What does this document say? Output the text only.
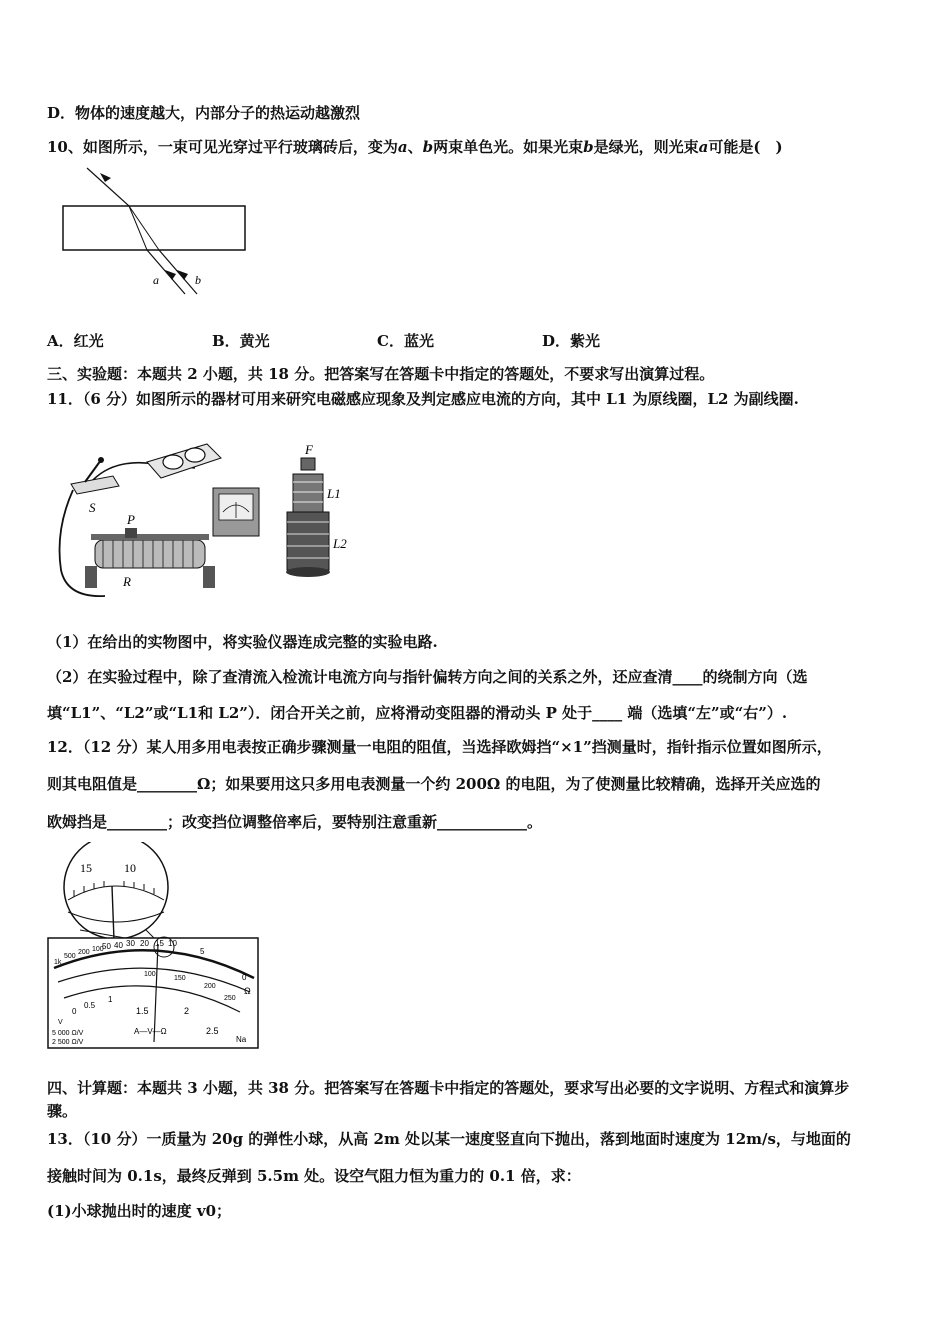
D．物体的速度越大，内部分子的热运动越激烈
10、如图所示，一束可见光穿过平行玻璃砖后，变为a、b两束单色光。如果光束b是绿光，则光束a可能是(　)
a	b
A．红光	B．黄光	C．蓝光	D．紫光
三、实验题：本题共 2 小题，共 18 分。把答案写在答题卡中指定的答题处，不要求写出演算过程。
11．（6 分）如图所示的器材可用来研究电磁感应现象及判定感应电流的方向，其中 L1 为原线圈，L2 为副线圈.
S
P
R
F
L1
L2
（1）在给出的实物图中，将实验仪器连成完整的实验电路.
（2）在实验过程中，除了查清流入检流计电流方向与指针偏转方向之间的关系之外，还应查清____的绕制方向（选
填“L1”、“L2”或“L1和 L2”）．闭合开关之前，应将滑动变阻器的滑动头 P 处于____ 端（选填“左”或“右”）.
12．（12 分）某人用多用电表按正确步骤测量一电阻的阻值，当选择欧姆挡“×1”挡测量时，指针指示位置如图所示，
则其电阻值是________Ω；如果要用这只多用电表测量一个约 200Ω 的电阻，为了使测量比较精确，选择开关应选的
欧姆挡是________；改变挡位调整倍率后，要特别注意重新____________。
15	10
1k
500
200 100
50 40 30 20 15 10
5
0
Ω
100
150
200
250
0
0.5
1
1.5	2
2.5
V
A—V—Ω
Na
5 000 Ω/V
2 500 Ω/V
四、计算题：本题共 3 小题，共 38 分。把答案写在答题卡中指定的答题处，要求写出必要的文字说明、方程式和演算步
骤。
13．（10 分）一质量为 20g 的弹性小球，从高 2m 处以某一速度竖直向下抛出，落到地面时速度为 12m/s，与地面的
接触时间为 0.1s，最终反弹到 5.5m 处。设空气阻力恒为重力的 0.1 倍，求：
(1)小球抛出时的速度 v0；
